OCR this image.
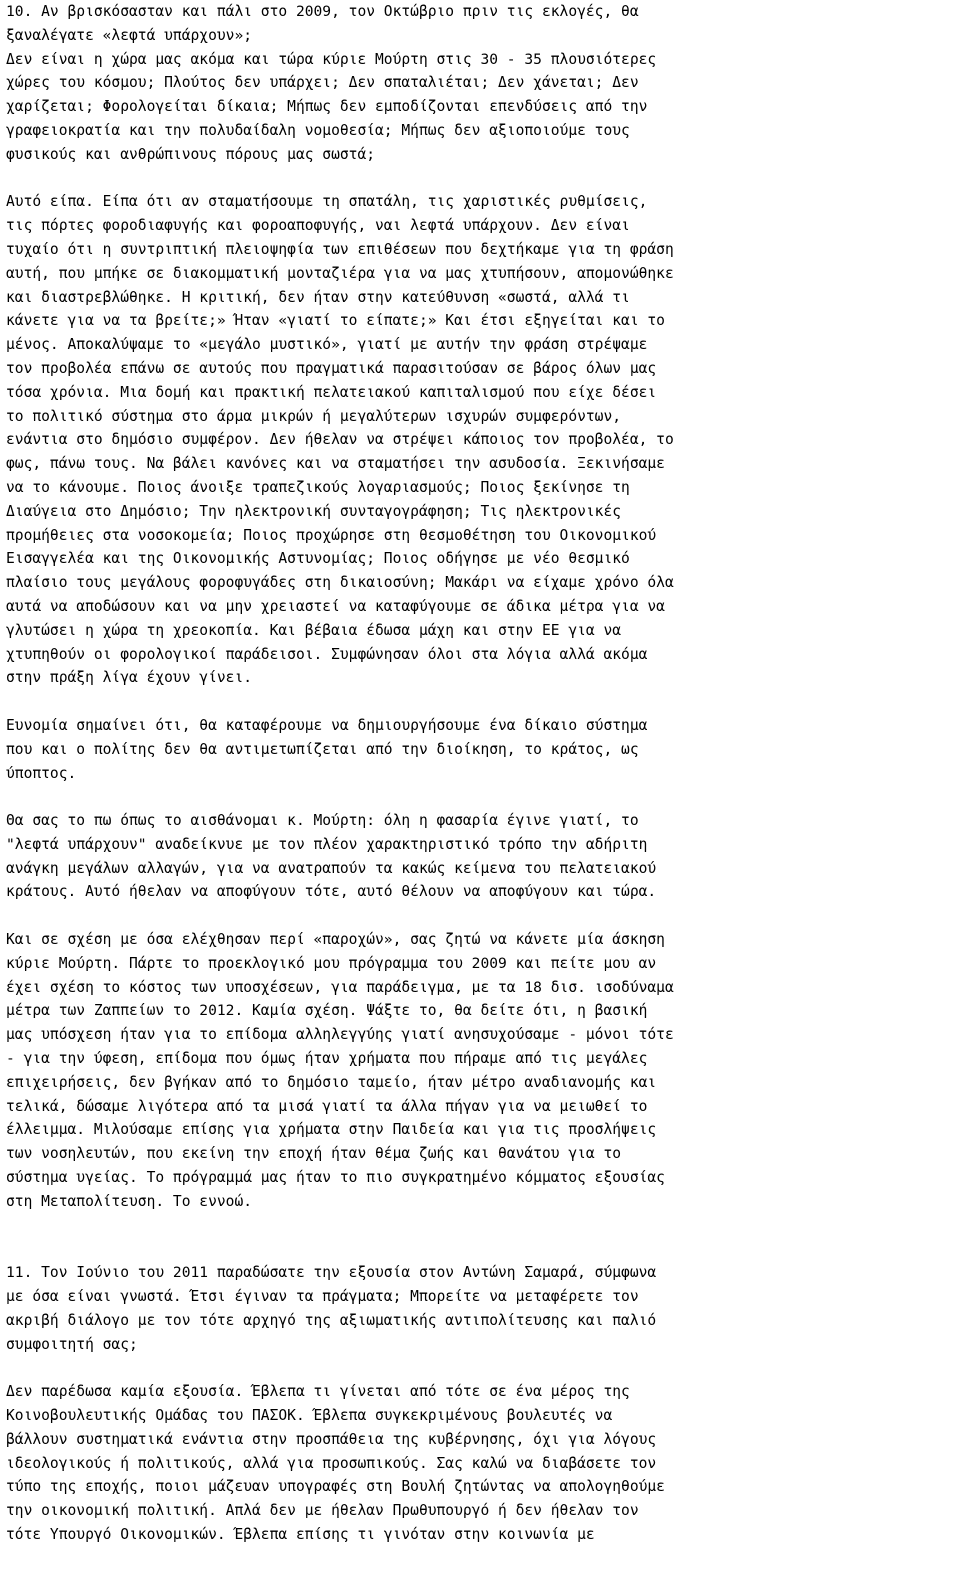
10. Αν βρισκόσασταν και πάλι στο 2009, τον Οκτώβριο πριν τις εκλογές, θα
ξαναλέγατε «λεφτά υπάρχουν»;
Δεν είναι η χώρα μας ακόμα και τώρα κύριε Μούρτη στις 30 - 35 πλουσιότερες
χώρες του κόσμου; Πλούτος δεν υπάρχει; Δεν σπαταλιέται; Δεν χάνεται; Δεν
χαρίζεται; Φορολογείται δίκαια; Μήπως δεν εμποδίζονται επενδύσεις από την
γραφειοκρατία και την πολυδαίδαλη νομοθεσία; Μήπως δεν αξιοποιούμε τους
φυσικούς και ανθρώπινους πόρους μας σωστά;
Αυτό είπα. Είπα ότι αν σταματήσουμε τη σπατάλη, τις χαριστικές ρυθμίσεις,
τις πόρτες φοροδιαφυγής και φοροαποφυγής, ναι λεφτά υπάρχουν. Δεν είναι
τυχαίο ότι η συντριπτική πλειοψηφία των επιθέσεων που δεχτήκαμε για τη φράση
αυτή, που μπήκε σε διακομματική μονταζιέρα για να μας χτυπήσουν, απομονώθηκε
και διαστρεβλώθηκε. Η κριτική, δεν ήταν στην κατεύθυνση «σωστά, αλλά τι
κάνετε για να τα βρείτε;» Ήταν «γιατί το είπατε;» Και έτσι εξηγείται και το
μένος. Αποκαλύψαμε το «μεγάλο μυστικό», γιατί με αυτήν την φράση στρέψαμε
τον προβολέα επάνω σε αυτούς που πραγματικά παρασιτούσαν σε βάρος όλων μας
τόσα χρόνια. Μια δομή και πρακτική πελατειακού καπιταλισμού που είχε δέσει
το πολιτικό σύστημα στο άρμα μικρών ή μεγαλύτερων ισχυρών συμφερόντων,
ενάντια στο δημόσιο συμφέρον. Δεν ήθελαν να στρέψει κάποιος τον προβολέα, το
φως, πάνω τους. Να βάλει κανόνες και να σταματήσει την ασυδοσία. Ξεκινήσαμε
να το κάνουμε. Ποιος άνοιξε τραπεζικούς λογαριασμούς; Ποιος ξεκίνησε τη
Διαύγεια στο Δημόσιο; Την ηλεκτρονική συνταγογράφηση; Τις ηλεκτρονικές
προμήθειες στα νοσοκομεία; Ποιος προχώρησε στη θεσμοθέτηση του Οικονομικού
Εισαγγελέα και της Οικονομικής Αστυνομίας; Ποιος οδήγησε με νέο θεσμικό
πλαίσιο τους μεγάλους φοροφυγάδες στη δικαιοσύνη; Μακάρι να είχαμε χρόνο όλα
αυτά να αποδώσουν και να μην χρειαστεί να καταφύγουμε σε άδικα μέτρα για να
γλυτώσει η χώρα τη χρεοκοπία. Και βέβαια έδωσα μάχη και στην ΕΕ για να
χτυπηθούν οι φορολογικοί παράδεισοι. Συμφώνησαν όλοι στα λόγια αλλά ακόμα
στην πράξη λίγα έχουν γίνει.
Ευνομία σημαίνει ότι, θα καταφέρουμε να δημιουργήσουμε ένα δίκαιο σύστημα
που και ο πολίτης δεν θα αντιμετωπίζεται από την διοίκηση, το κράτος, ως
ύποπτος.
Θα σας το πω όπως το αισθάνομαι κ. Μούρτη: όλη η φασαρία έγινε γιατί, το
"λεφτά υπάρχουν" αναδείκνυε με τον πλέον χαρακτηριστικό τρόπο την αδήριτη
ανάγκη μεγάλων αλλαγών, για να ανατραπούν τα κακώς κείμενα του πελατειακού
κράτους. Αυτό ήθελαν να αποφύγουν τότε, αυτό θέλουν να αποφύγουν και τώρα.
Και σε σχέση με όσα ελέχθησαν περί «παροχών», σας ζητώ να κάνετε μία άσκηση
κύριε Μούρτη. Πάρτε το προεκλογικό μου πρόγραμμα του 2009 και πείτε μου αν
έχει σχέση το κόστος των υποσχέσεων, για παράδειγμα, με τα 18 δισ. ισοδύναμα
μέτρα των Ζαππείων το 2012. Καμία σχέση. Ψάξτε το, θα δείτε ότι, η βασική
μας υπόσχεση ήταν για το επίδομα αλληλεγγύης γιατί ανησυχούσαμε - μόνοι τότε
- για την ύφεση, επίδομα που όμως ήταν χρήματα που πήραμε από τις μεγάλες
επιχειρήσεις, δεν βγήκαν από το δημόσιο ταμείο, ήταν μέτρο αναδιανομής και
τελικά, δώσαμε λιγότερα από τα μισά γιατί τα άλλα πήγαν για να μειωθεί το
έλλειμμα. Μιλούσαμε επίσης για χρήματα στην Παιδεία και για τις προσλήψεις
των νοσηλευτών, που εκείνη την εποχή ήταν θέμα ζωής και θανάτου για το
σύστημα υγείας. Το πρόγραμμά μας ήταν το πιο συγκρατημένο κόμματος εξουσίας
στη Μεταπολίτευση. Το εννοώ.
11. Τον Ιούνιο του 2011 παραδώσατε την εξουσία στον Αντώνη Σαμαρά, σύμφωνα
με όσα είναι γνωστά. Έτσι έγιναν τα πράγματα; Μπορείτε να μεταφέρετε τον
ακριβή διάλογο με τον τότε αρχηγό της αξιωματικής αντιπολίτευσης και παλιό
συμφοιτητή σας;
Δεν παρέδωσα καμία εξουσία. Έβλεπα τι γίνεται από τότε σε ένα μέρος της
Κοινοβουλευτικής Ομάδας του ΠΑΣΟΚ. Έβλεπα συγκεκριμένους βουλευτές να
βάλλουν συστηματικά ενάντια στην προσπάθεια της κυβέρνησης, όχι για λόγους
ιδεολογικούς ή πολιτικούς, αλλά για προσωπικούς. Σας καλώ να διαβάσετε τον
τύπο της εποχής, ποιοι μάζευαν υπογραφές στη Βουλή ζητώντας να απολογηθούμε
την οικονομική πολιτική. Απλά δεν με ήθελαν Πρωθυπουργό ή δεν ήθελαν τον
τότε Υπουργό Οικονομικών. Έβλεπα επίσης τι γινόταν στην κοινωνία με
